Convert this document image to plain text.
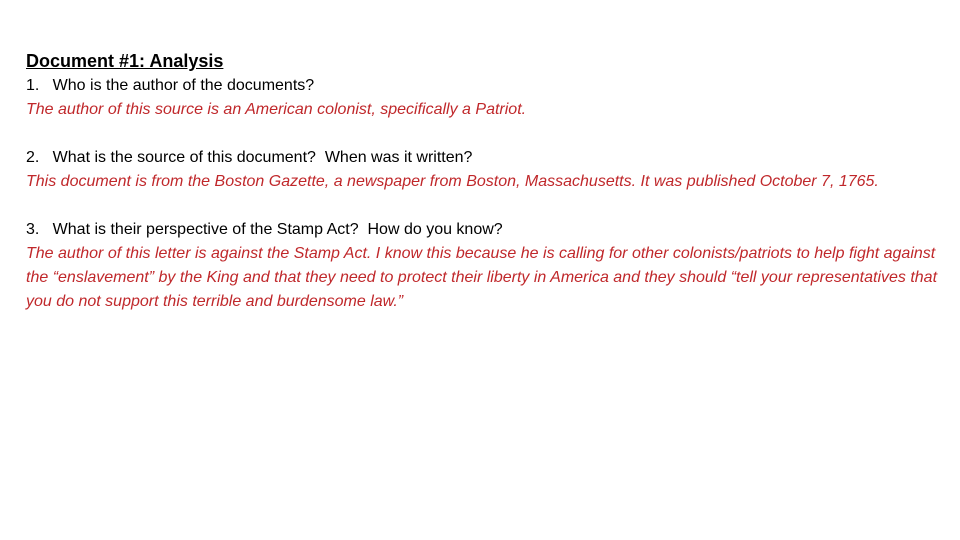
Document #1: Analysis

1.   Who is the author of the documents?

The author of this source is an American colonist, specifically a Patriot.

2.   What is the source of this document?  When was it written?

This document is from the Boston Gazette, a newspaper from Boston, Massachusetts. It was published October 7, 1765.

3.   What is their perspective of the Stamp Act?  How do you know?

The author of this letter is against the Stamp Act. I know this because he is calling for other colonists/patriots to help fight against the “enslavement” by the King and that they need to protect their liberty in America and they should “tell your representatives that you do not support this terrible and burdensome law.”
